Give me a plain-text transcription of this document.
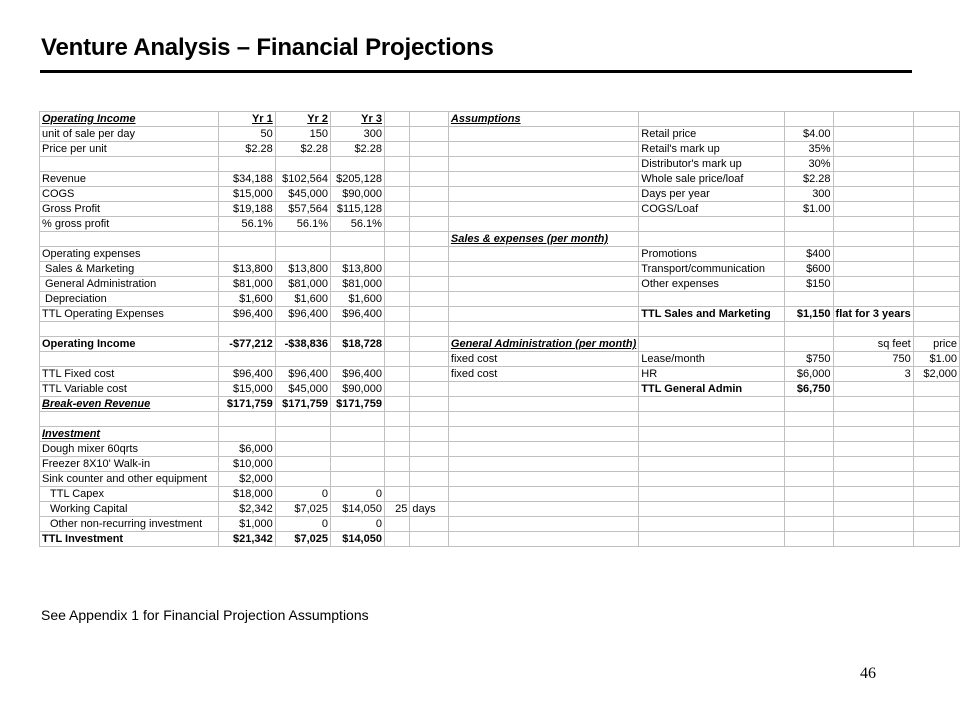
Venture Analysis – Financial Projections
Operating Income	Yr 1	Yr 2	Yr 3			Assumptions				
unit of sale per day	50	150	300				Retail price	$4.00		
Price per unit	$2.28	$2.28	$2.28				Retail's mark up	35%		
							Distributor's mark up	30%		
Revenue	$34,188	$102,564	$205,128				Whole sale price/loaf	$2.28		
COGS	$15,000	$45,000	$90,000				Days per year	300		
Gross Profit	$19,188	$57,564	$115,128				COGS/Loaf	$1.00		
% gross profit	56.1%	56.1%	56.1%							
						Sales & expenses (per month)				
Operating expenses							Promotions	$400		
Sales & Marketing	$13,800	$13,800	$13,800				Transport/communication	$600		
General Administration	$81,000	$81,000	$81,000				Other expenses	$150		
Depreciation	$1,600	$1,600	$1,600							
TTL Operating Expenses	$96,400	$96,400	$96,400				TTL Sales and Marketing	$1,150	flat for 3 years	

Operating Income	-$77,212	-$38,836	$18,728			General Administration (per month)			sq feet	price
						fixed cost	Lease/month	$750	750	$1.00
TTL Fixed cost	$96,400	$96,400	$96,400			fixed cost	HR	$6,000	3	$2,000
TTL Variable cost	$15,000	$45,000	$90,000				TTL General Admin	$6,750		
Break-even Revenue	$171,759	$171,759	$171,759							

Investment										
Dough mixer 60qrts	$6,000									
Freezer 8X10' Walk-in	$10,000									
Sink counter and other equipment	$2,000									
TTL Capex	$18,000	0	0							
Working Capital	$2,342	$7,025	$14,050	25	days					
Other non-recurring investment	$1,000	0	0							
TTL Investment	$21,342	$7,025	$14,050							
See Appendix 1 for Financial Projection Assumptions
46
